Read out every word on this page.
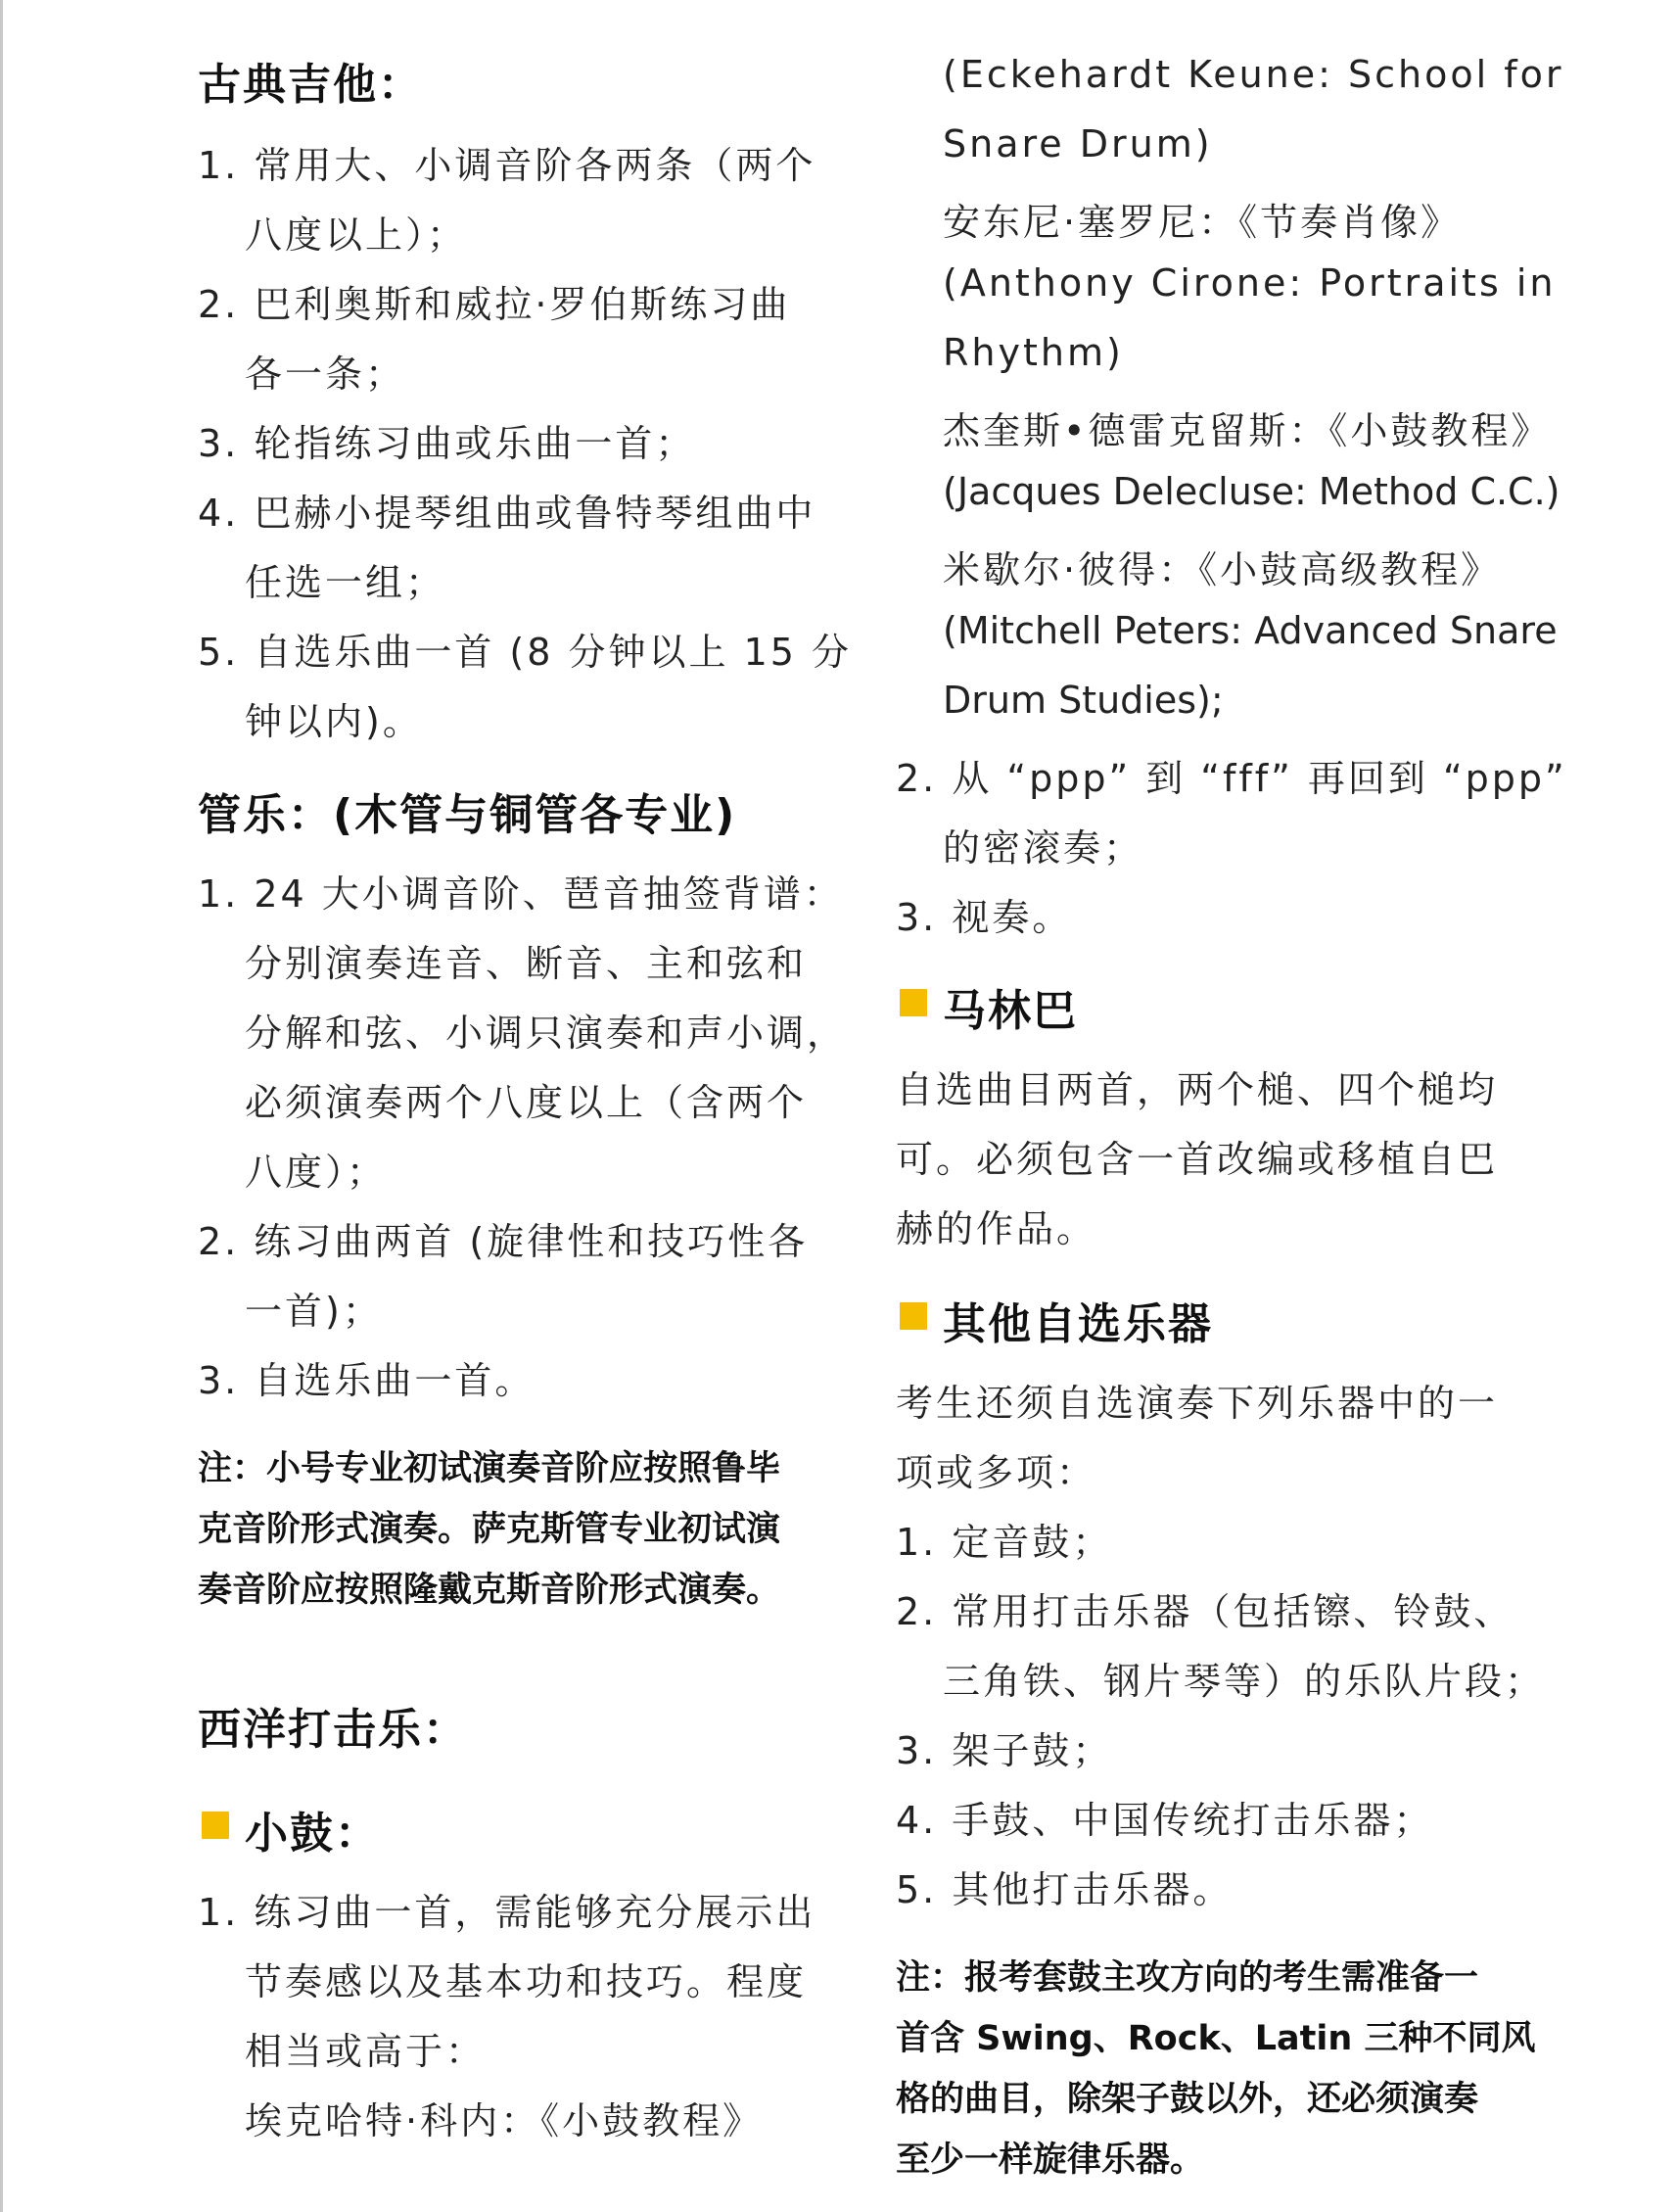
古典吉他：
1. 常用大、小调音阶各两条（两个
八度以上）；
2. 巴利奥斯和威拉·罗伯斯练习曲
各一条；
3. 轮指练习曲或乐曲一首；
4. 巴赫小提琴组曲或鲁特琴组曲中
任选一组；
5. 自选乐曲一首 (8 分钟以上 15 分
钟以内)。
管乐：(木管与铜管各专业)
1. 24 大小调音阶、琶音抽签背谱：
分别演奏连音、断音、主和弦和
分解和弦、小调只演奏和声小调，
必须演奏两个八度以上（含两个
八度）；
2. 练习曲两首 (旋律性和技巧性各
一首)；
3. 自选乐曲一首。
注：小号专业初试演奏音阶应按照鲁毕
克音阶形式演奏。萨克斯管专业初试演
奏音阶应按照隆戴克斯音阶形式演奏。
西洋打击乐：
小鼓：
1. 练习曲一首，需能够充分展示出
节奏感以及基本功和技巧。程度
相当或高于：
埃克哈特·科内：《小鼓教程》
(Eckehardt Keune: School for
Snare Drum)
安东尼·塞罗尼：《节奏肖像》
(Anthony Cirone: Portraits in
Rhythm)
杰奎斯•德雷克留斯：《小鼓教程》
(Jacques Delecluse: Method C.C.)
米歇尔·彼得：《小鼓高级教程》
(Mitchell Peters: Advanced Snare
Drum Studies);
2. 从 “ppp” 到 “fff” 再回到 “ppp”
的密滚奏；
3. 视奏。
马林巴
自选曲目两首，两个槌、四个槌均
可。必须包含一首改编或移植自巴
赫的作品。
其他自选乐器
考生还须自选演奏下列乐器中的一
项或多项：
1. 定音鼓；
2. 常用打击乐器（包括镲、铃鼓、
三角铁、钢片琴等）的乐队片段；
3. 架子鼓；
4. 手鼓、中国传统打击乐器；
5. 其他打击乐器。
注：报考套鼓主攻方向的考生需准备一
首含 Swing、Rock、Latin 三种不同风
格的曲目，除架子鼓以外，还必须演奏
至少一样旋律乐器。
